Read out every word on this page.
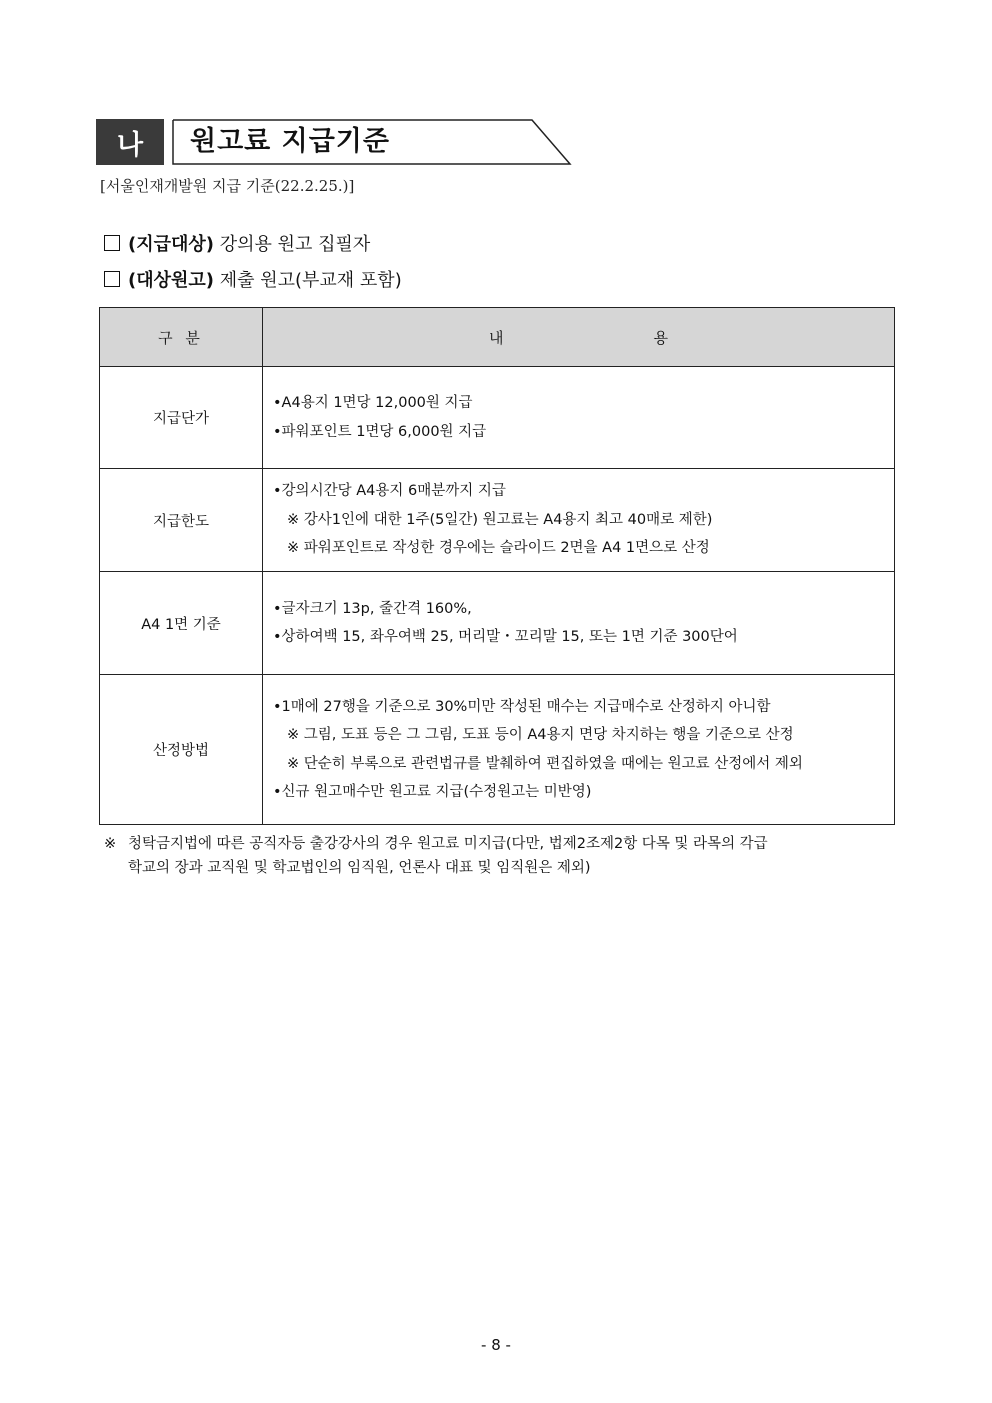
나	원고료 지급기준
[서울인재개발원 지급 기준(22.2.25.)]
(지급대상) 강의용 원고 집필자
(대상원고) 제출 원고(부교재 포함)
구 분	내 용
지급단가	•A4용지 1면당 12,000원 지급
•파워포인트 1면당 6,000원 지급

지급한도	•강의시간당 A4용지 6매분까지 지급
※ 강사1인에 대한 1주(5일간) 원고료는 A4용지 최고 40매로 제한)
※ 파워포인트로 작성한 경우에는 슬라이드 2면을 A4 1면으로 산정

A4 1면 기준	•글자크기 13p, 줄간격 160%,
•상하여백 15, 좌우여백 25, 머리말・꼬리말 15, 또는 1면 기준 300단어

산정방법	•1매에 27행을 기준으로 30%미만 작성된 매수는 지급매수로 산정하지 아니함
※ 그림, 도표 등은 그 그림, 도표 등이 A4용지 면당 차지하는 행을 기준으로 산정
※ 단순히 부록으로 관련법규를 발췌하여 편집하였을 때에는 원고료 산정에서 제외
•신규 원고매수만 원고료 지급(수정원고는 미반영)
※ 청탁금지법에 따른 공직자등 출강강사의 경우 원고료 미지급(다만, 법제2조제2항 다목 및 라목의 각급
학교의 장과 교직원 및 학교법인의 임직원, 언론사 대표 및 임직원은 제외)
- 8 -
